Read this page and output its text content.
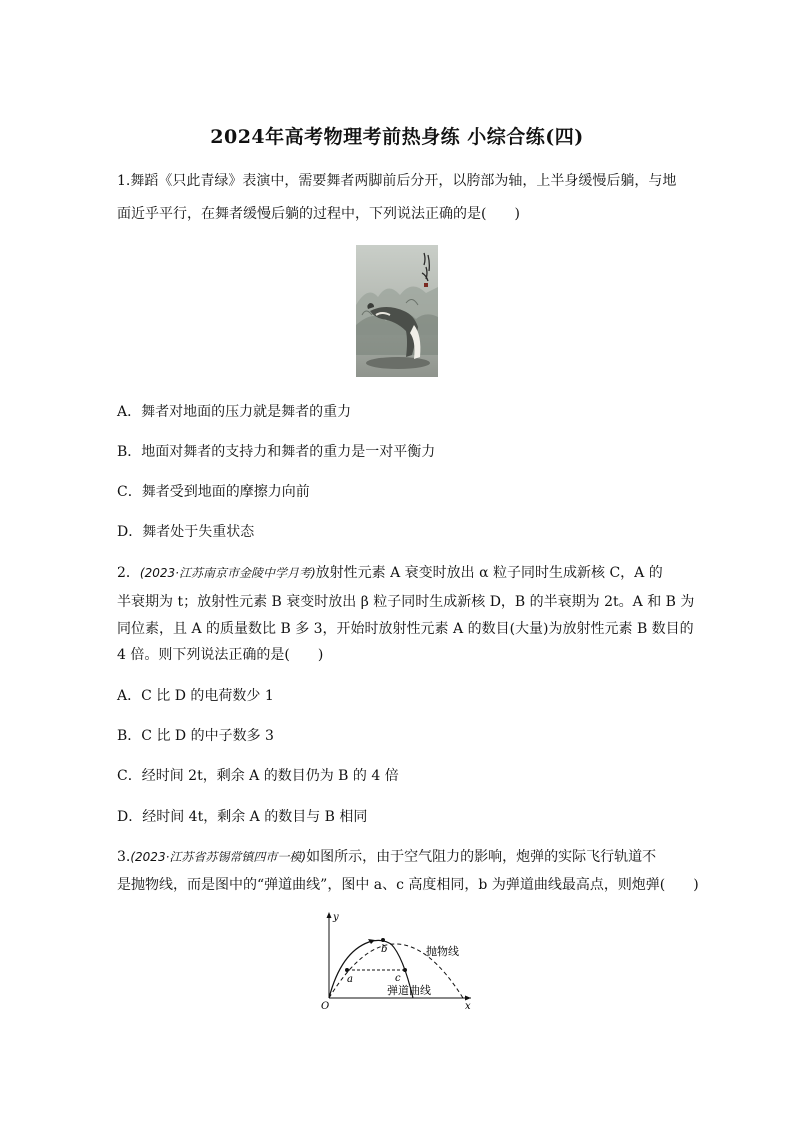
2024年高考物理考前热身练 小综合练(四)
1.舞蹈《只此青绿》表演中，需要舞者两脚前后分开，以胯部为轴，上半身缓慢后躺，与地
面近乎平行，在舞者缓慢后躺的过程中，下列说法正确的是(　　)
A．舞者对地面的压力就是舞者的重力
B．地面对舞者的支持力和舞者的重力是一对平衡力
C．舞者受到地面的摩擦力向前
D．舞者处于失重状态
2．(2023·江苏南京市金陵中学月考)放射性元素 A 衰变时放出 α 粒子同时生成新核 C，A 的
半衰期为 t；放射性元素 B 衰变时放出 β 粒子同时生成新核 D，B 的半衰期为 2t。A 和 B 为
同位素，且 A 的质量数比 B 多 3，开始时放射性元素 A 的数目(大量)为放射性元素 B 数目的
4 倍。则下列说法正确的是(　　)
A．C 比 D 的电荷数少 1
B．C 比 D 的中子数多 3
C．经时间 2t，剩余 A 的数目仍为 B 的 4 倍
D．经时间 4t，剩余 A 的数目与 B 相同
3.(2023·江苏省苏锡常镇四市一模)如图所示，由于空气阻力的影响，炮弹的实际飞行轨道不
是抛物线，而是图中的“弹道曲线”，图中 a、c 高度相同，b 为弹道曲线最高点，则炮弹(　　)
y
x
O
a
b
c
抛物线
弹道曲线
